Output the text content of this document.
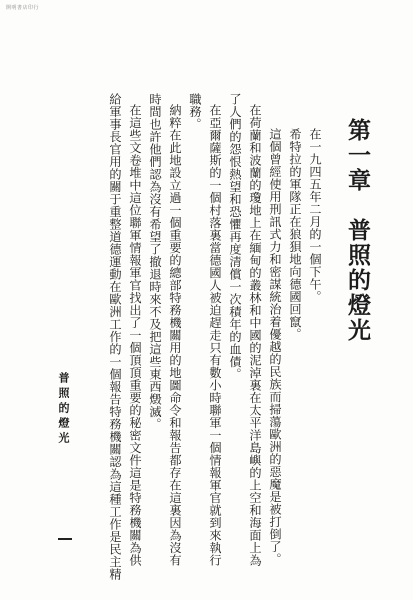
開明書店印行
第一章　普照的燈光
在一九四五年二月的一個下午。
希特拉的軍隊正在狼狽地向德國回竄。
這個曾經使用刑訊式力和密謀統治着優越的民族而掃蕩歐洲的惡魔是被打倒了。
在荷蘭和波蘭的瓊地上在緬甸的叢林和中國的泥淖裏在太平洋島嶼的上空和海面上為
了人們的怨恨熱望和恐懼再度清償一次積年的血債。
在亞爾薩斯的一個村落裏當德國人被迫趕走只有數小時聯軍一個情報軍官就到來執行
職務。
納粹在此地設立過一個重要的總部特務機關用的地圖命令和報告都存在這裏因為沒有
時間也許他們認為沒有希望了撤退時來不及把這些東西燬滅。
在這些文卷堆中這位聯軍情報軍官找出了一個頂頂重要的秘密文件這是特務機關為供
給軍事長官用的關于重整道德運動在歐洲工作的一個報告特務機關認為這種工作是民主精
普照的燈光
